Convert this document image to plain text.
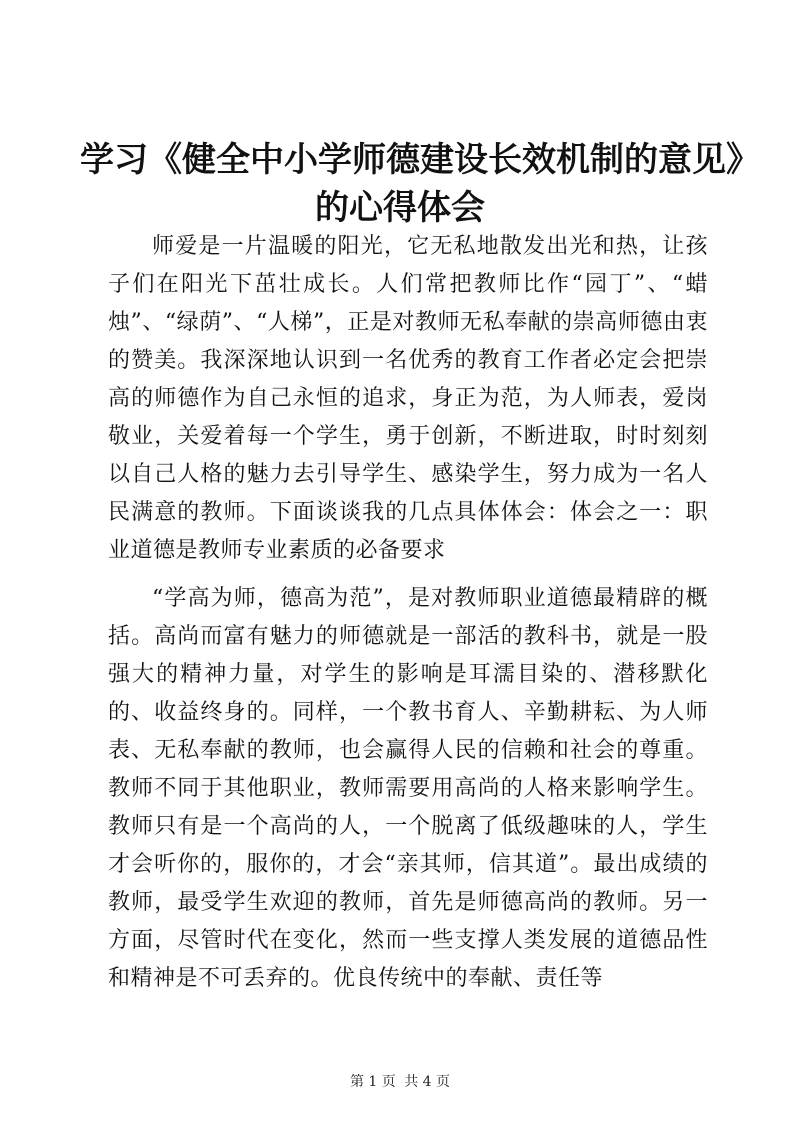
学习《健全中小学师德建设长效机制的意见》
的心得体会

师爱是一片温暖的阳光，它无私地散发出光和热，让孩子们在阳光下茁壮成长。人们常把教师比作“园丁”、“蜡烛”、“绿荫”、“人梯”，正是对教师无私奉献的崇高师德由衷的赞美。我深深地认识到一名优秀的教育工作者必定会把崇高的师德作为自己永恒的追求，身正为范，为人师表，爱岗敬业，关爱着每一个学生，勇于创新，不断进取，时时刻刻以自己人格的魅力去引导学生、感染学生，努力成为一名人民满意的教师。下面谈谈我的几点具体体会：体会之一：职业道德是教师专业素质的必备要求

“学高为师，德高为范”，是对教师职业道德最精辟的概括。高尚而富有魅力的师德就是一部活的教科书，就是一股强大的精神力量，对学生的影响是耳濡目染的、潜移默化的、收益终身的。同样，一个教书育人、辛勤耕耘、为人师表、无私奉献的教师，也会赢得人民的信赖和社会的尊重。教师不同于其他职业，教师需要用高尚的人格来影响学生。教师只有是一个高尚的人，一个脱离了低级趣味的人，学生才会听你的，服你的，才会“亲其师，信其道”。最出成绩的教师，最受学生欢迎的教师，首先是师德高尚的教师。另一方面，尽管时代在变化，然而一些支撑人类发展的道德品性和精神是不可丢弃的。优良传统中的奉献、责任等

第 1 页 共 4 页
